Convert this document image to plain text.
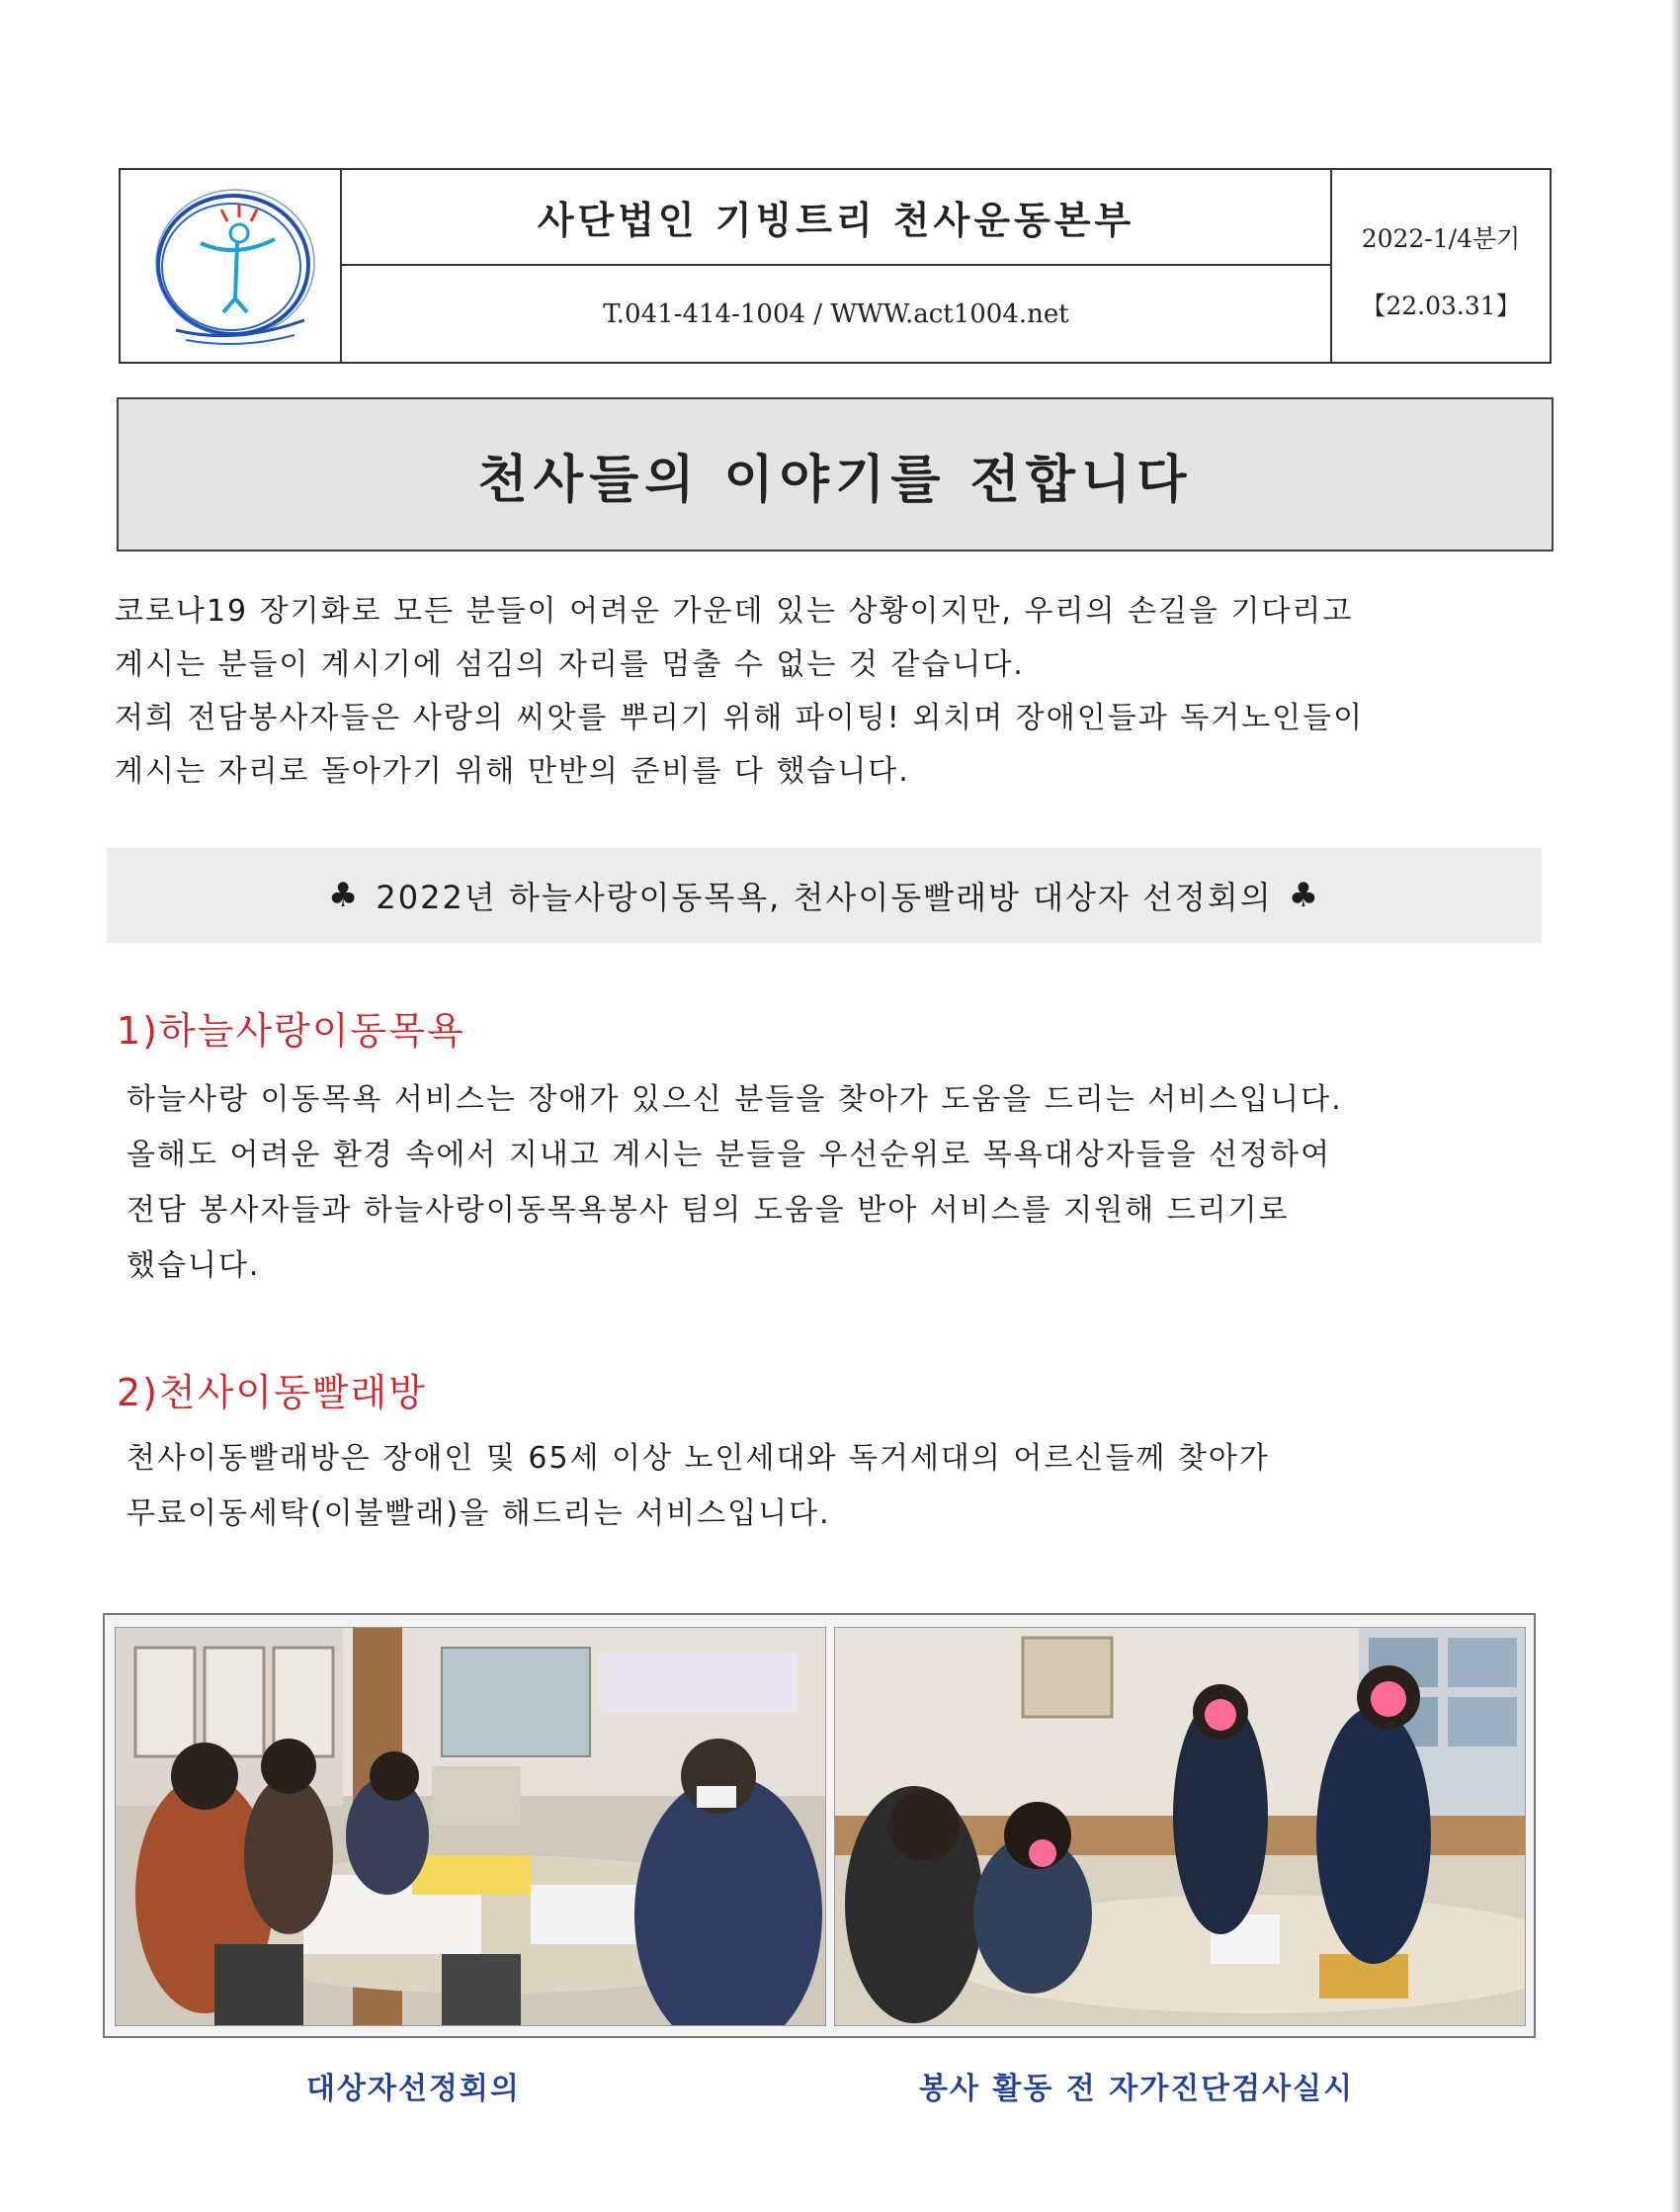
사단법인 기빙트리 천사운동본부
T.041-414-1004 / WWW.act1004.net
2022-1/4분기
【22.03.31】
천사들의 이야기를 전합니다

코로나19 장기화로 모든 분들이 어려운 가운데 있는 상황이지만, 우리의 손길을 기다리고

계시는 분들이 계시기에 섬김의 자리를 멈출 수 없는 것 같습니다.

저희 전담봉사자들은 사랑의 씨앗를 뿌리기 위해 파이팅! 외치며 장애인들과 독거노인들이

계시는 자리로 돌아가기 위해 만반의 준비를 다 했습니다.

♣ 2022년 하늘사랑이동목욕, 천사이동빨래방 대상자 선정회의 ♣
1)하늘사랑이동목욕

하늘사랑 이동목욕 서비스는 장애가 있으신 분들을 찾아가 도움을 드리는 서비스입니다.

올해도 어려운 환경 속에서 지내고 계시는 분들을 우선순위로 목욕대상자들을 선정하여

전담 봉사자들과 하늘사랑이동목욕봉사 팀의 도움을 받아 서비스를 지원해 드리기로

했습니다.

2)천사이동빨래방

천사이동빨래방은 장애인 및 65세 이상 노인세대와 독거세대의 어르신들께 찾아가

무료이동세탁(이불빨래)을 해드리는 서비스입니다.

대상자선정회의	봉사 활동 전 자가진단검사실시
